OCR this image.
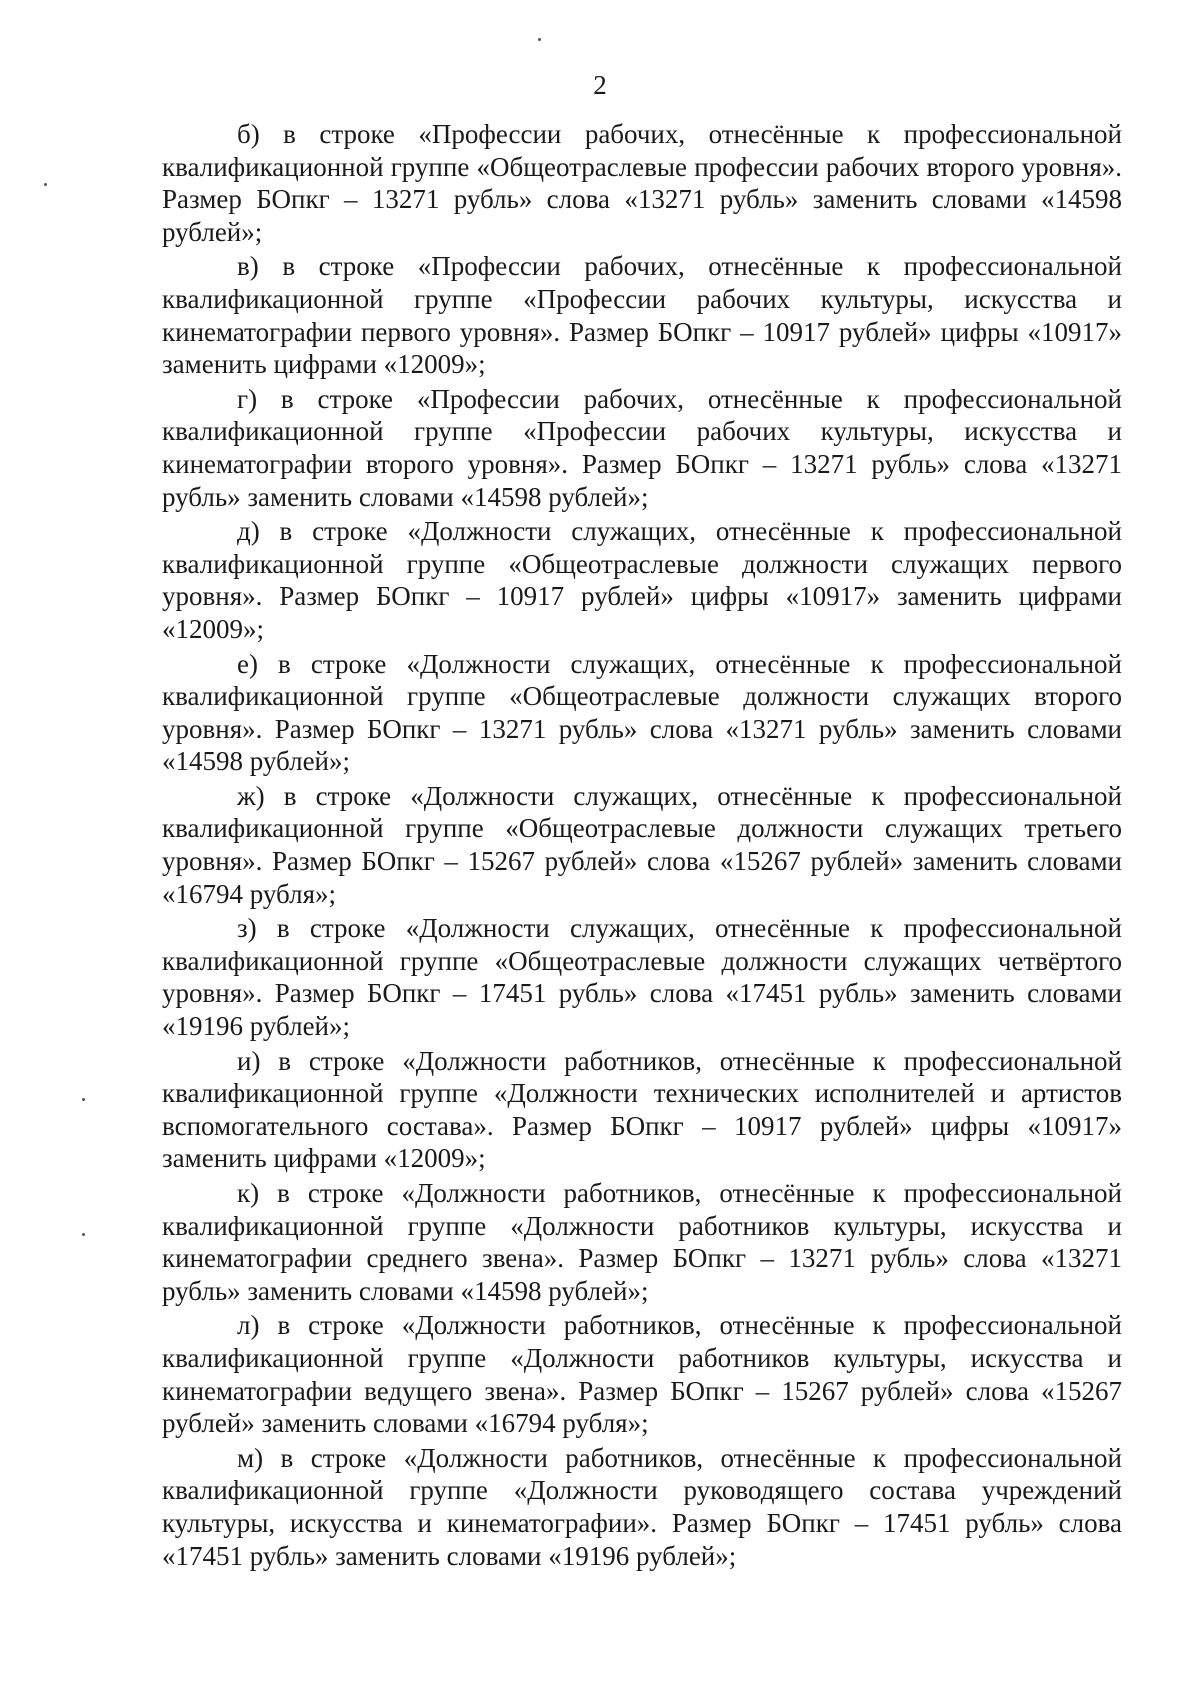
2

б) в строке «Профессии рабочих, отнесённые к профессиональной квалификационной группе «Общеотраслевые профессии рабочих второго уровня». Размер БОпкг – 13271 рубль» слова «13271 рубль» заменить словами «14598 рублей»;

в) в строке «Профессии рабочих, отнесённые к профессиональной квалификационной группе «Профессии рабочих культуры, искусства и кинематографии первого уровня». Размер БОпкг – 10917 рублей» цифры «10917» заменить цифрами «12009»;

г) в строке «Профессии рабочих, отнесённые к профессиональной квалификационной группе «Профессии рабочих культуры, искусства и кинематографии второго уровня». Размер БОпкг – 13271 рубль» слова «13271 рубль» заменить словами «14598 рублей»;

д) в строке «Должности служащих, отнесённые к профессиональной квалификационной группе «Общеотраслевые должности служащих первого уровня». Размер БОпкг – 10917 рублей» цифры «10917» заменить цифрами «12009»;

е) в строке «Должности служащих, отнесённые к профессиональной квалификационной группе «Общеотраслевые должности служащих второго уровня». Размер БОпкг – 13271 рубль» слова «13271 рубль» заменить словами «14598 рублей»;

ж) в строке «Должности служащих, отнесённые к профессиональной квалификационной группе «Общеотраслевые должности служащих третьего уровня». Размер БОпкг – 15267 рублей» слова «15267 рублей» заменить словами «16794 рубля»;

з) в строке «Должности служащих, отнесённые к профессиональной квалификационной группе «Общеотраслевые должности служащих четвёртого уровня». Размер БОпкг – 17451 рубль» слова «17451 рубль» заменить словами «19196 рублей»;

и) в строке «Должности работников, отнесённые к профессиональной квалификационной группе «Должности технических исполнителей и артистов вспомогательного состава». Размер БОпкг – 10917 рублей» цифры «10917» заменить цифрами «12009»;

к) в строке «Должности работников, отнесённые к профессиональной квалификационной группе «Должности работников культуры, искусства и кинематографии среднего звена». Размер БОпкг – 13271 рубль» слова «13271 рубль» заменить словами «14598 рублей»;

л) в строке «Должности работников, отнесённые к профессиональной квалификационной группе «Должности работников культуры, искусства и кинематографии ведущего звена». Размер БОпкг – 15267 рублей» слова «15267 рублей» заменить словами «16794 рубля»;

м) в строке «Должности работников, отнесённые к профессиональной квалификационной группе «Должности руководящего состава учреждений культуры, искусства и кинематографии». Размер БОпкг – 17451 рубль» слова «17451 рубль» заменить словами «19196 рублей»;
